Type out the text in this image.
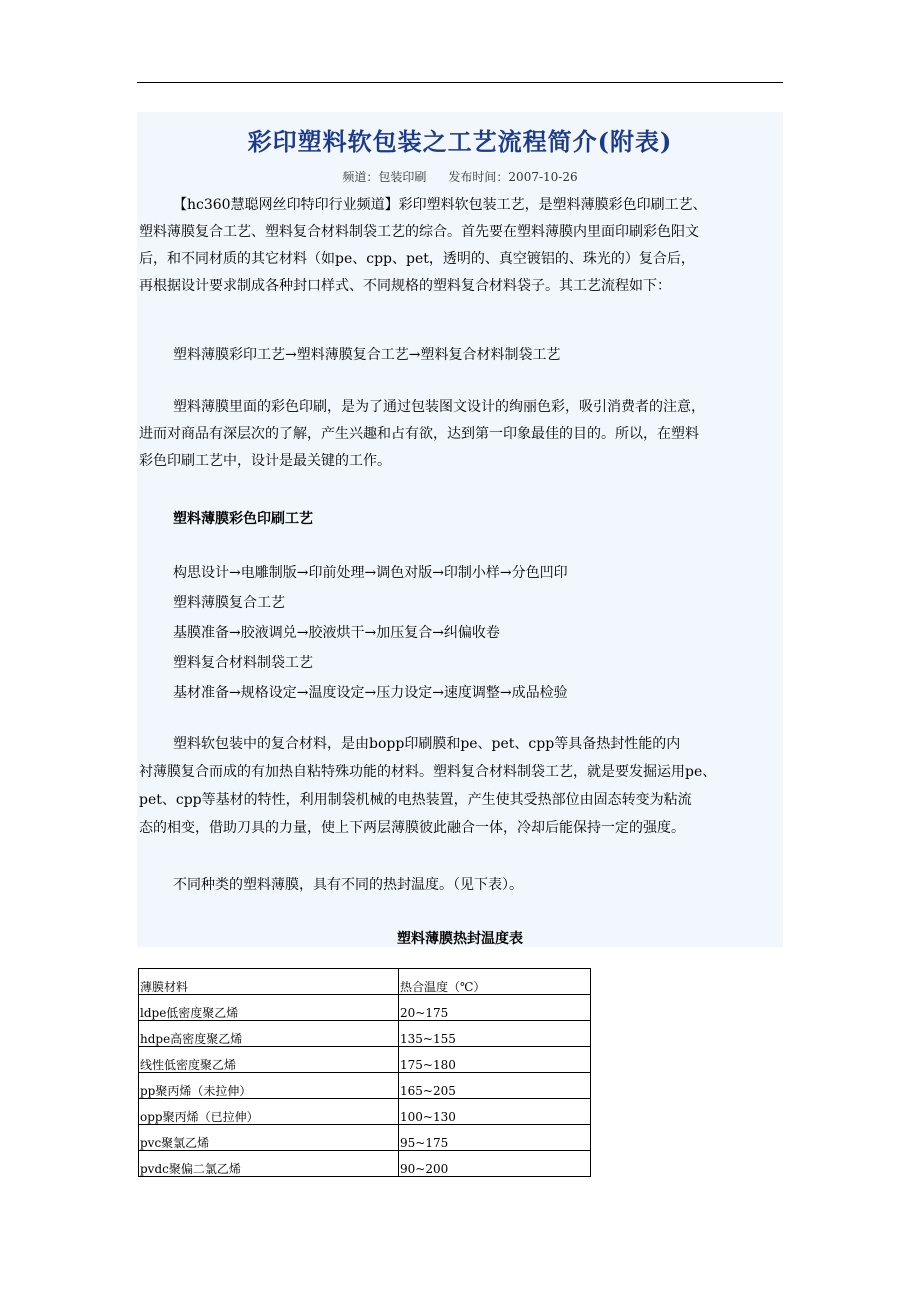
彩印塑料软包装之工艺流程简介(附表)
频道：包装印刷 发布时间：2007-10-26

【hc360慧聪网丝印特印行业频道】彩印塑料软包装工艺，是塑料薄膜彩色印刷工艺、
塑料薄膜复合工艺、塑料复合材料制袋工艺的综合。首先要在塑料薄膜内里面印刷彩色阳文
后，和不同材质的其它材料（如pe、cpp、pet，透明的、真空镀铝的、珠光的）复合后，
再根据设计要求制成各种封口样式、不同规格的塑料复合材料袋子。其工艺流程如下：

塑料薄膜彩印工艺→塑料薄膜复合工艺→塑料复合材料制袋工艺

塑料薄膜里面的彩色印刷，是为了通过包装图文设计的绚丽色彩，吸引消费者的注意，
进而对商品有深层次的了解，产生兴趣和占有欲，达到第一印象最佳的目的。所以，在塑料
彩色印刷工艺中，设计是最关键的工作。

塑料薄膜彩色印刷工艺

构思设计→电雕制版→印前处理→调色对版→印制小样→分色凹印
塑料薄膜复合工艺
基膜准备→胶液调兑→胶液烘干→加压复合→纠偏收卷
塑料复合材料制袋工艺
基材准备→规格设定→温度设定→压力设定→速度调整→成品检验

塑料软包装中的复合材料，是由bopp印刷膜和pe、pet、cpp等具备热封性能的内
衬薄膜复合而成的有加热自粘特殊功能的材料。塑料复合材料制袋工艺，就是要发掘运用pe、
pet、cpp等基材的特性，利用制袋机械的电热装置，产生使其受热部位由固态转变为粘流
态的相变，借助刀具的力量，使上下两层薄膜彼此融合一体，冷却后能保持一定的强度。

不同种类的塑料薄膜，具有不同的热封温度。（见下表）。

塑料薄膜热封温度表
薄膜材料	热合温度（℃）
ldpe低密度聚乙烯	20~175
hdpe高密度聚乙烯	135~155
线性低密度聚乙烯	175~180
pp聚丙烯（未拉伸）	165~205
opp聚丙烯（已拉伸）	100~130
pvc聚氯乙烯	95~175
pvdc聚偏二氯乙烯	90~200
